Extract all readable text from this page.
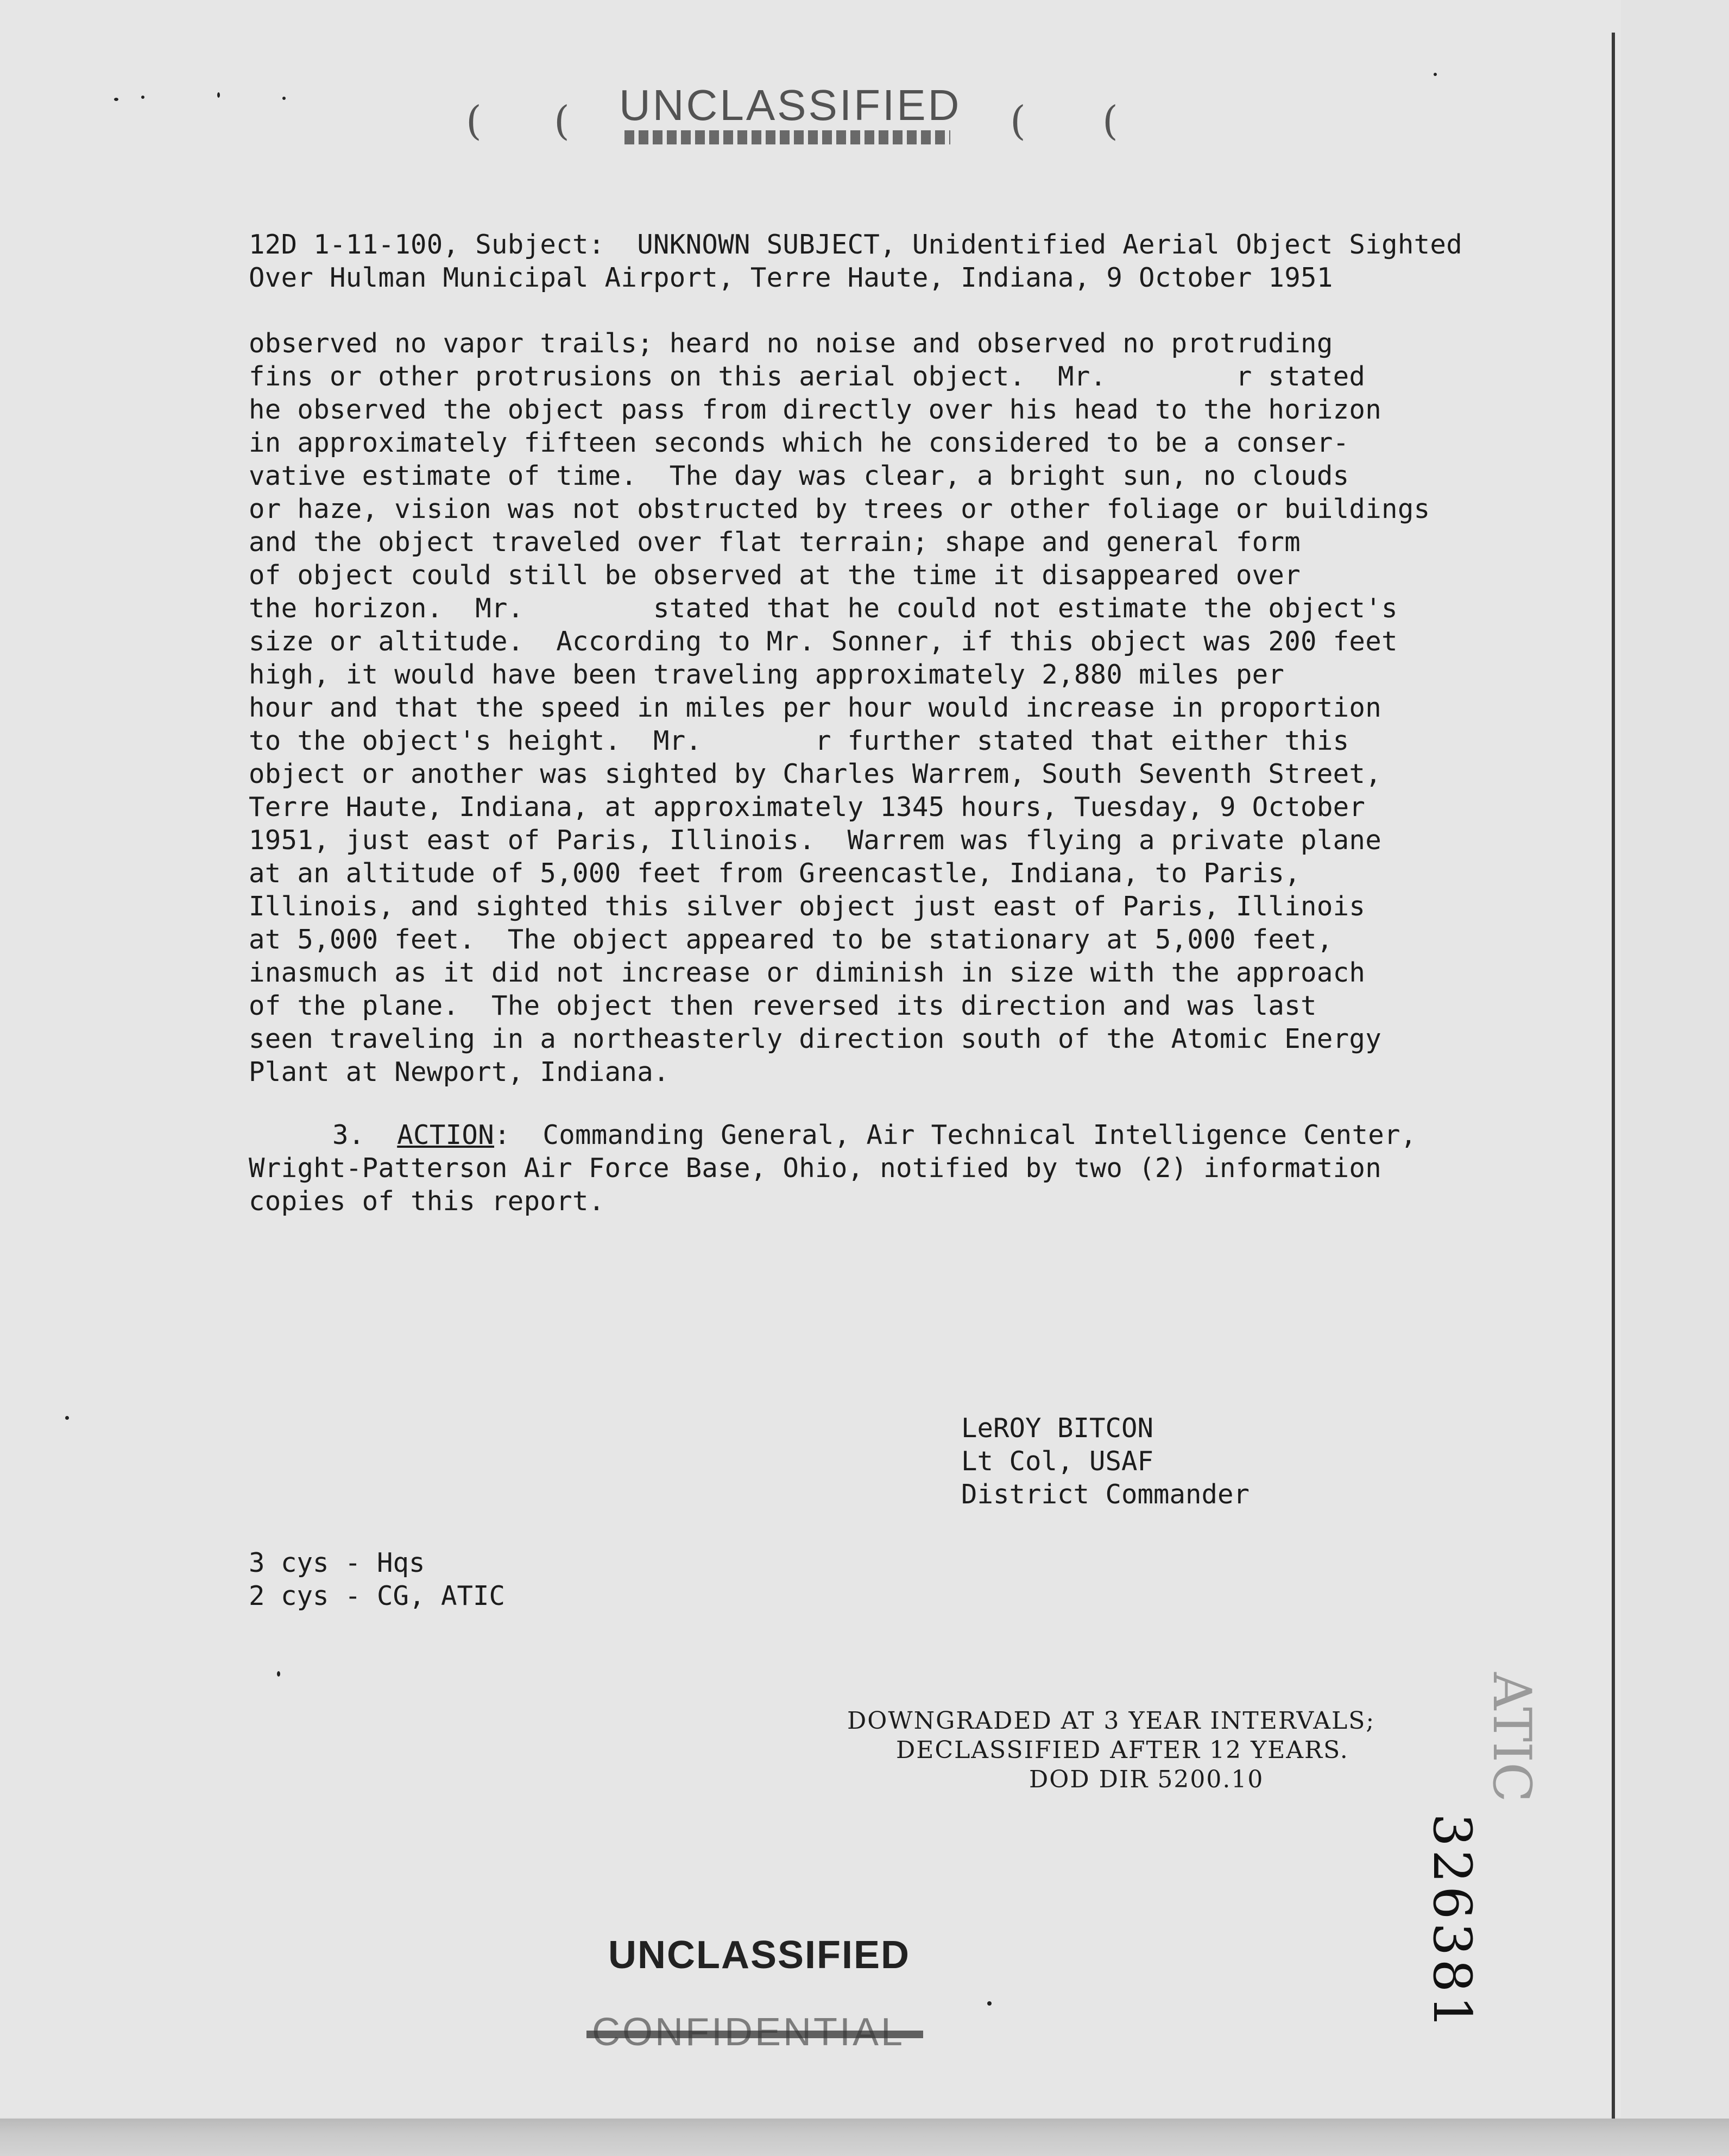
( (	( (
UNCLASSIFIED
12D 1-11-100, Subject:  UNKNOWN SUBJECT, Unidentified Aerial Object Sighted
Over Hulman Municipal Airport, Terre Haute, Indiana, 9 October 1951
observed no vapor trails; heard no noise and observed no protruding
fins or other protrusions on this aerial object.  Mr.        r stated
he observed the object pass from directly over his head to the horizon
in approximately fifteen seconds which he considered to be a conser-
vative estimate of time.  The day was clear, a bright sun, no clouds
or haze, vision was not obstructed by trees or other foliage or buildings
and the object traveled over flat terrain; shape and general form
of object could still be observed at the time it disappeared over
the horizon.  Mr.        stated that he could not estimate the object's
size or altitude.  According to Mr. Sonner, if this object was 200 feet
high, it would have been traveling approximately 2,880 miles per
hour and that the speed in miles per hour would increase in proportion
to the object's height.  Mr.       r further stated that either this
object or another was sighted by Charles Warrem, South Seventh Street,
Terre Haute, Indiana, at approximately 1345 hours, Tuesday, 9 October
1951, just east of Paris, Illinois.  Warrem was flying a private plane
at an altitude of 5,000 feet from Greencastle, Indiana, to Paris,
Illinois, and sighted this silver object just east of Paris, Illinois
at 5,000 feet.  The object appeared to be stationary at 5,000 feet,
inasmuch as it did not increase or diminish in size with the approach
of the plane.  The object then reversed its direction and was last
seen traveling in a northeasterly direction south of the Atomic Energy
Plant at Newport, Indiana.
3. ACTION:  Commanding General, Air Technical Intelligence Center,
Wright-Patterson Air Force Base, Ohio, notified by two (2) information
copies of this report.
LeROY BITCON
Lt Col, USAF
District Commander
3 cys - Hqs
2 cys - CG, ATIC
DOWNGRADED AT 3 YEAR INTERVALS;
DECLASSIFIED AFTER 12 YEARS.
DOD DIR 5200.10	ATIC
326381
UNCLASSIFIED
